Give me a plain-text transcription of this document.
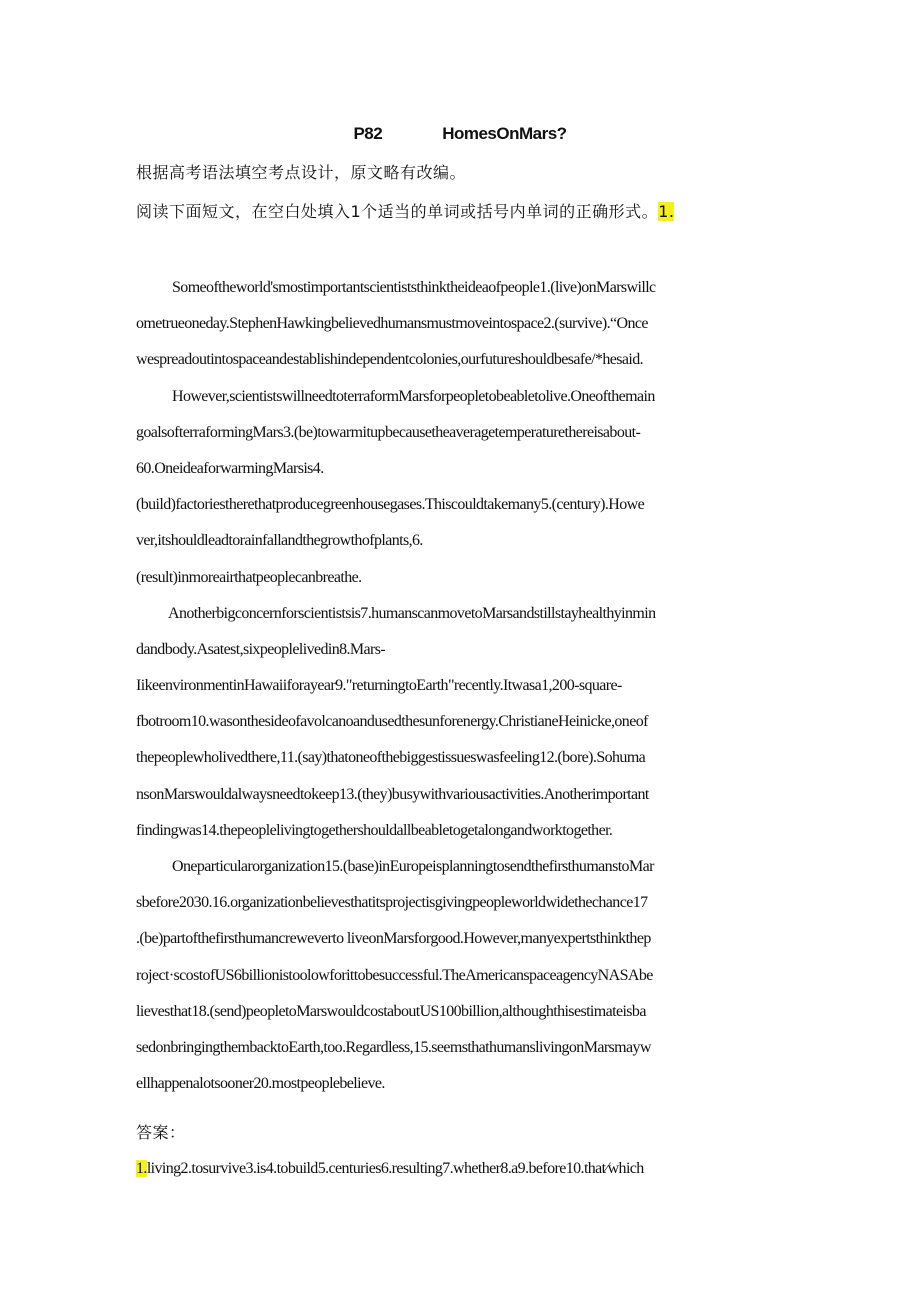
P82	HomesOnMars?
根据高考语法填空考点设计，原文略有改编。
阅读下面短文，在空白处填入1个适当的单词或括号内单词的正确形式。1.
Someoftheworld'smostimportantscientiststhinktheideaofpeople1.(live)onMarswillc
ometrueoneday.StephenHawkingbelievedhumansmustmoveintospace2.(survive).“Once
wespreadoutintospaceandestablishindependentcolonies,ourfutureshouldbesafe/*hesaid.
However,scientistswillneedtoterraformMarsforpeopletobeabletolive.Oneofthemain
goalsofterraformingMars3.(be)towarmitupbecausetheaveragetemperaturethereisabout-
60.OneideaforwarmingMarsis4.
(build)factoriestherethatproducegreenhousegases.Thiscouldtakemany5.(century).Howe
ver,itshouldleadtorainfallandthegrowthofplants,6.
(result)inmoreairthatpeoplecanbreathe.
Anotherbigconcernforscientistsis7.humanscanmovetoMarsandstillstayhealthyinmin
dandbody.Asatest,sixpeoplelivedin8.Mars-
IikeenvironmentinHawaiiforayear9."returningtoEarth"recently.Itwasa1,200-square-
fbotroom10.wasonthesideofavolcanoandusedthesunforenergy.ChristianeHeinicke,oneof
thepeoplewholivedthere,11.(say)thatoneofthebiggestissueswasfeeling12.(bore).Sohuma
nsonMarswouldalwaysneedtokeep13.(they)busywithvariousactivities.Anotherimportant
findingwas14.thepeoplelivingtogethershouldallbeabletogetalongandworktogether.
Oneparticularorganization15.(base)inEuropeisplanningtosendthefirsthumanstoMar
sbefore2030.16.organizationbelievesthatitsprojectisgivingpeopleworldwidethechance17
.(be)partofthefirsthumancreweverto liveonMarsforgood.However,manyexpertsthinkthep
roject·scostofUS6billionistoolowforittobesuccessful.TheAmericanspaceagencyNASAbe
lievesthat18.(send)peopletoMarswouldcostaboutUS100billion,althoughthisestimateisba
sedonbringingthembacktoEarth,too.Regardless,15.seemsthathumanslivingonMarsmayw
ellhappenalotsooner20.mostpeoplebelieve.
答案：
1.living2.tosurvive3.is4.tobuild5.centuries6.resulting7.whether8.a9.before10.that∕which
